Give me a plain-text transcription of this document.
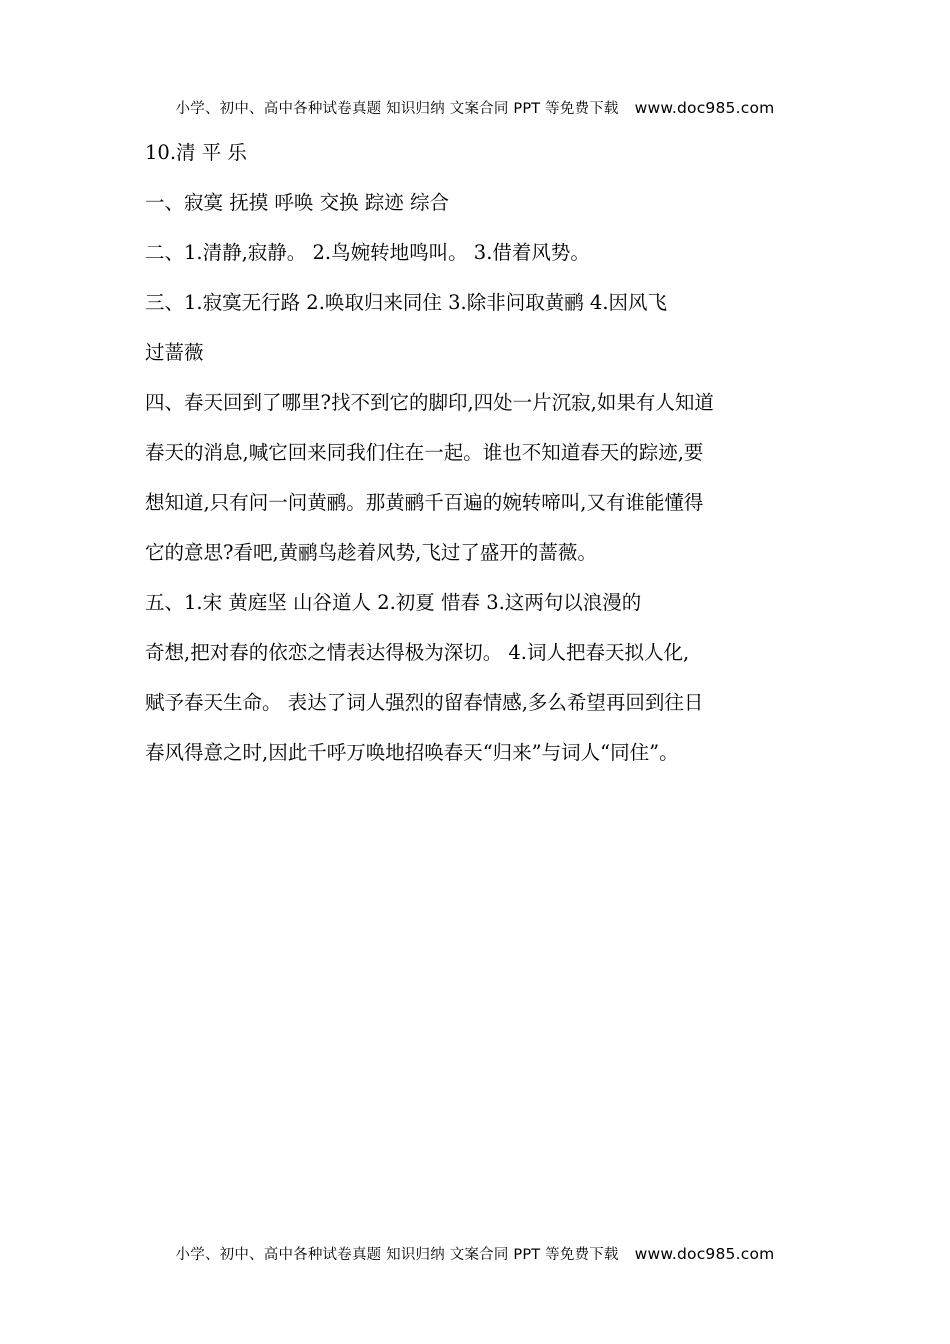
小学、初中、高中各种试卷真题 知识归纳 文案合同 PPT 等免费下载 www.doc985.com
10.清 平 乐
一、寂寞 抚摸 呼唤 交换 踪迹 综合
二、1.清静,寂静。 2.鸟婉转地鸣叫。 3.借着风势。
三、1.寂寞无行路 2.唤取归来同住 3.除非问取黄鹂 4.因风飞
过蔷薇
四、春天回到了哪里?找不到它的脚印,四处一片沉寂,如果有人知道
春天的消息,喊它回来同我们住在一起。谁也不知道春天的踪迹,要
想知道,只有问一问黄鹂。那黄鹂千百遍的婉转啼叫,又有谁能懂得
它的意思?看吧,黄鹂鸟趁着风势,飞过了盛开的蔷薇。
五、1.宋 黄庭坚 山谷道人 2.初夏 惜春 3.这两句以浪漫的
奇想,把对春的依恋之情表达得极为深切。 4.词人把春天拟人化,
赋予春天生命。 表达了词人强烈的留春情感,多么希望再回到往日
春风得意之时,因此千呼万唤地招唤春天“归来”与词人“同住”。
小学、初中、高中各种试卷真题 知识归纳 文案合同 PPT 等免费下载 www.doc985.com
